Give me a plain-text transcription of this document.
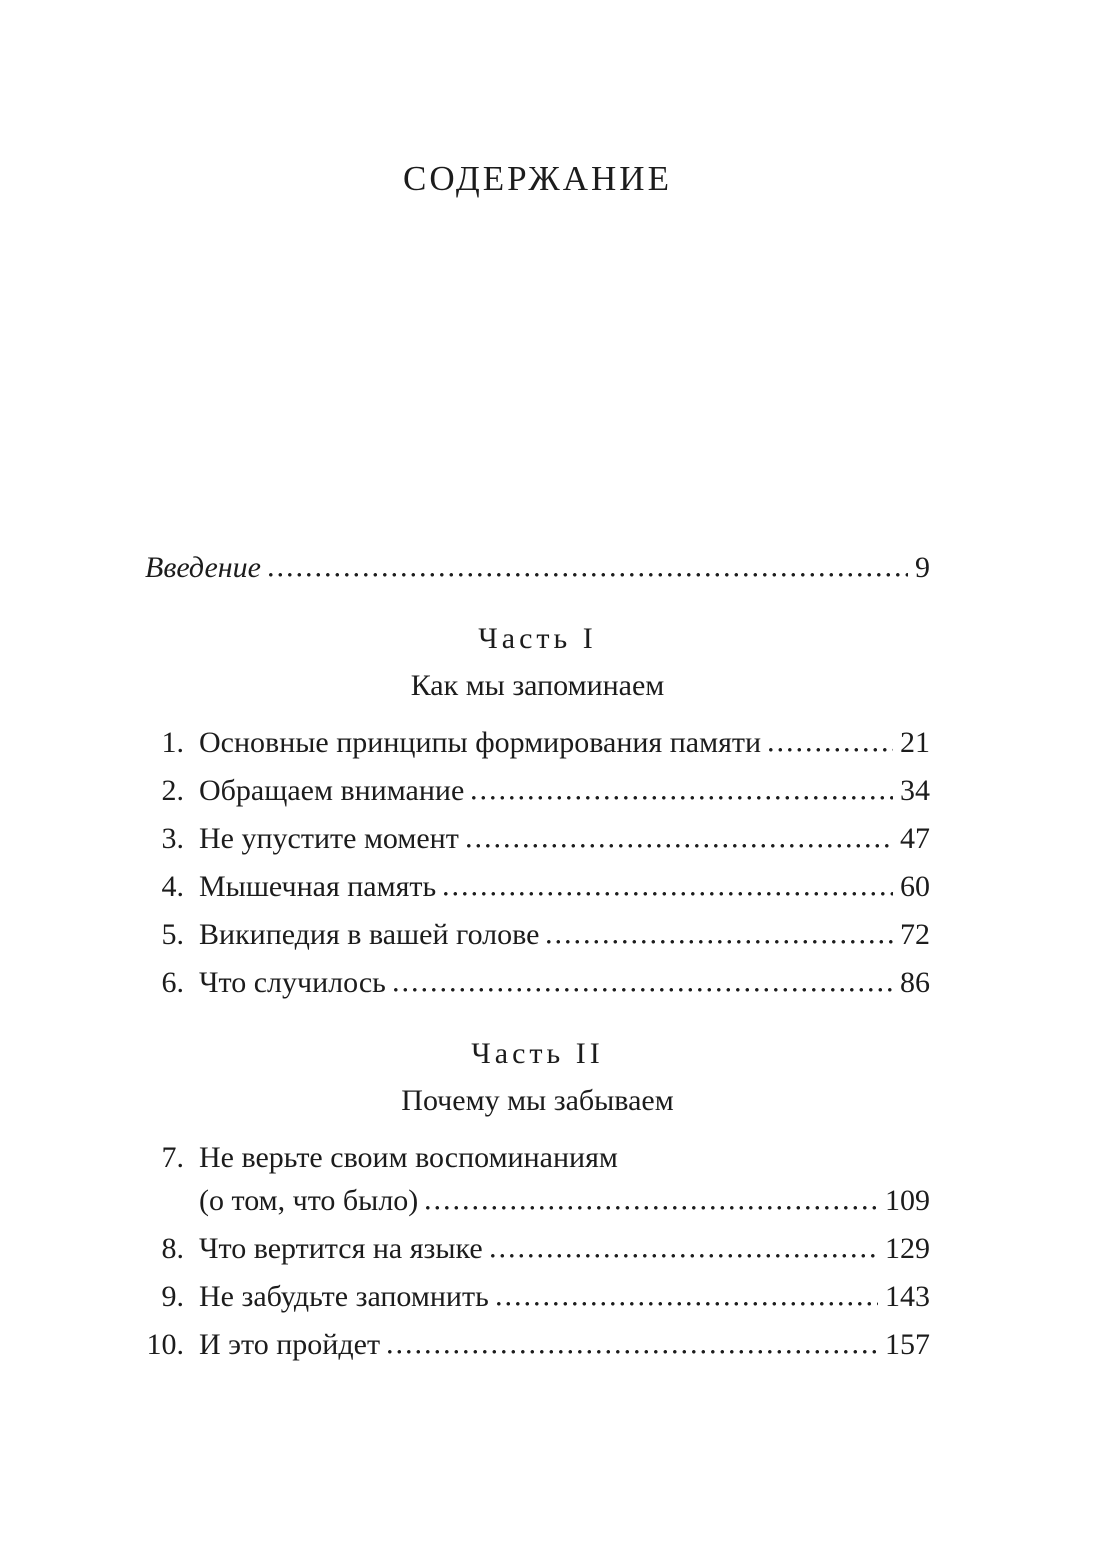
СОДЕРЖАНИЕ
Введение	9
Часть I
Как мы запоминаем
1. Основные принципы формирования памяти	21
2. Обращаем внимание	34
3. Не упустите момент	47
4. Мышечная память	60
5. Википедия в вашей голове	72
6. Что случилось	86
Часть II
Почему мы забываем
7. Не верьте своим воспоминаниям
(о том, что было)	109
8. Что вертится на языке	129
9. Не забудьте запомнить	143
10. И это пройдет	157
